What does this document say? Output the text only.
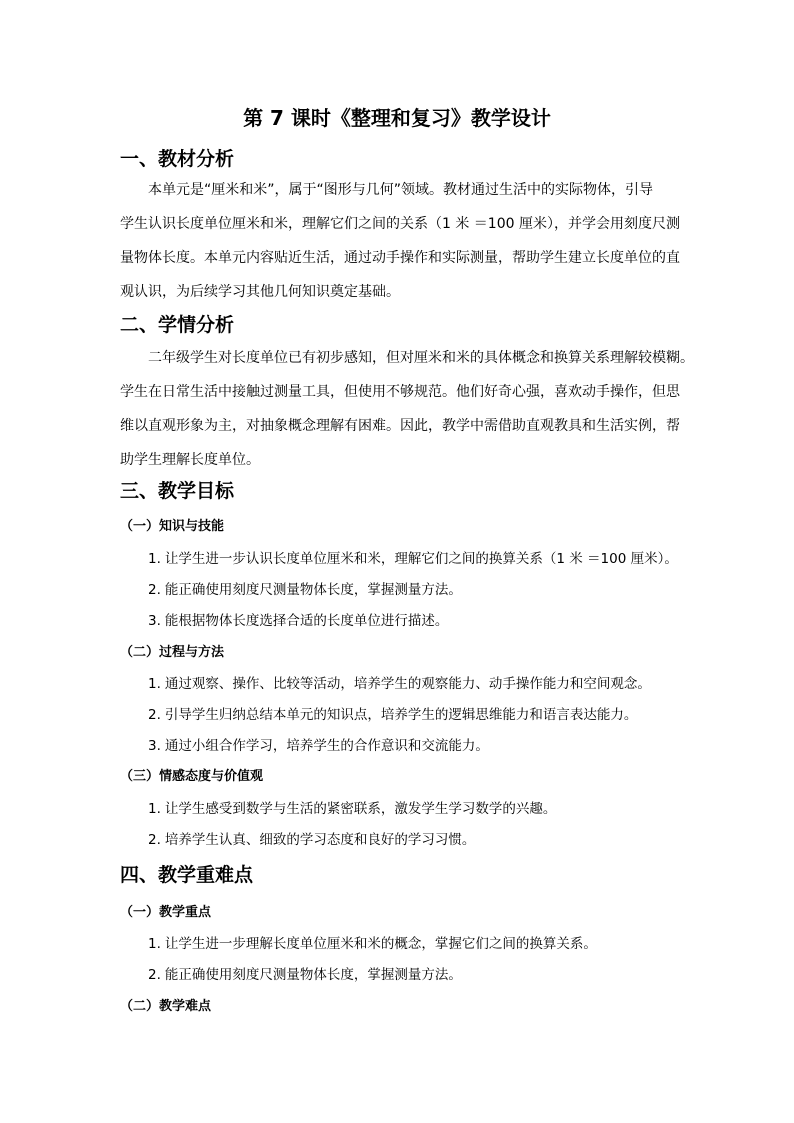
第 7 课时《整理和复习》教学设计
一、教材分析
本单元是“厘米和米”，属于“图形与几何”领域。教材通过生活中的实际物体，引导
学生认识长度单位厘米和米，理解它们之间的关系（1 米 ＝100 厘米），并学会用刻度尺测
量物体长度。本单元内容贴近生活，通过动手操作和实际测量，帮助学生建立长度单位的直
观认识，为后续学习其他几何知识奠定基础。
二、学情分析
二年级学生对长度单位已有初步感知，但对厘米和米的具体概念和换算关系理解较模糊。
学生在日常生活中接触过测量工具，但使用不够规范。他们好奇心强，喜欢动手操作，但思
维以直观形象为主，对抽象概念理解有困难。因此，教学中需借助直观教具和生活实例，帮
助学生理解长度单位。
三、教学目标
（一）知识与技能
1. 让学生进一步认识长度单位厘米和米，理解它们之间的换算关系（1 米 ＝100 厘米）。
2. 能正确使用刻度尺测量物体长度，掌握测量方法。
3. 能根据物体长度选择合适的长度单位进行描述。
（二）过程与方法
1. 通过观察、操作、比较等活动，培养学生的观察能力、动手操作能力和空间观念。
2. 引导学生归纳总结本单元的知识点，培养学生的逻辑思维能力和语言表达能力。
3. 通过小组合作学习，培养学生的合作意识和交流能力。
（三）情感态度与价值观
1. 让学生感受到数学与生活的紧密联系，激发学生学习数学的兴趣。
2. 培养学生认真、细致的学习态度和良好的学习习惯。
四、教学重难点
（一）教学重点
1. 让学生进一步理解长度单位厘米和米的概念，掌握它们之间的换算关系。
2. 能正确使用刻度尺测量物体长度，掌握测量方法。
（二）教学难点
